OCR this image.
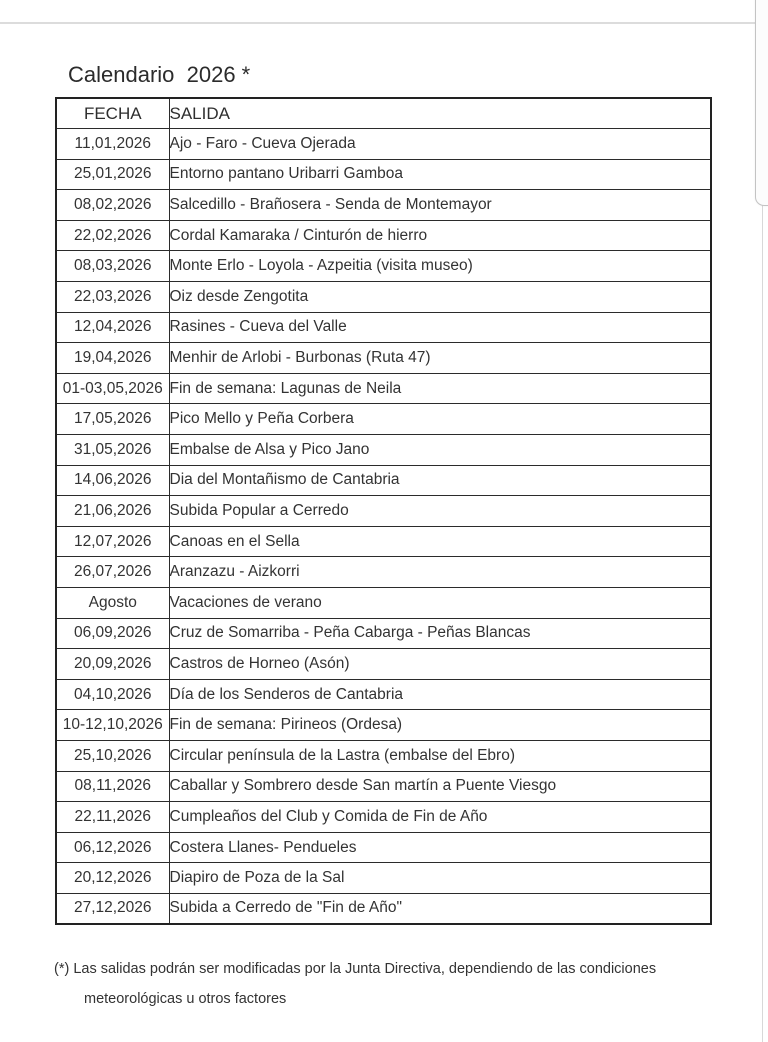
Calendario  2026 *
FECHA	SALIDA
11,01,2026	Ajo - Faro - Cueva Ojerada
25,01,2026	Entorno pantano Uribarri Gamboa
08,02,2026	Salcedillo - Brañosera - Senda de Montemayor
22,02,2026	Cordal Kamaraka / Cinturón de hierro
08,03,2026	Monte Erlo - Loyola - Azpeitia (visita museo)
22,03,2026	Oiz desde Zengotita
12,04,2026	Rasines - Cueva del Valle
19,04,2026	Menhir de Arlobi - Burbonas (Ruta 47)
01-03,05,2026	Fin de semana: Lagunas de Neila
17,05,2026	Pico Mello y Peña Corbera
31,05,2026	Embalse de Alsa y Pico Jano
14,06,2026	Dia del Montañismo de Cantabria
21,06,2026	Subida Popular a Cerredo
12,07,2026	Canoas en el Sella
26,07,2026	Aranzazu - Aizkorri
Agosto	Vacaciones de verano
06,09,2026	Cruz de Somarriba - Peña Cabarga - Peñas Blancas
20,09,2026	Castros de Horneo (Asón)
04,10,2026	Día de los Senderos de Cantabria
10-12,10,2026	Fin de semana: Pirineos (Ordesa)
25,10,2026	Circular península de la Lastra (embalse del Ebro)
08,11,2026	Caballar y Sombrero desde San martín a Puente Viesgo
22,11,2026	Cumpleaños del Club y Comida de Fin de Año
06,12,2026	Costera Llanes- Pendueles
20,12,2026	Diapiro de Poza de la Sal
27,12,2026	Subida a Cerredo de "Fin de Año"
(*) Las salidas podrán ser modificadas por la Junta Directiva, dependiendo de las condiciones
meteorológicas u otros factores
